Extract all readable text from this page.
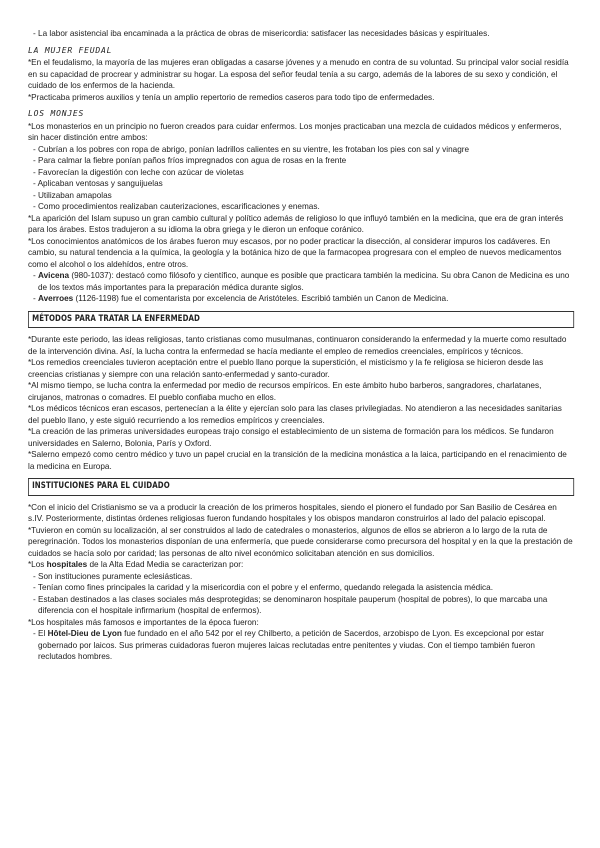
- La labor asistencial iba encaminada a la práctica de obras de misericordia: satisfacer las necesidades básicas y espirituales.

LA MUJER FEUDAL

*En el feudalismo, la mayoría de las mujeres eran obligadas a casarse jóvenes y a menudo en contra de su voluntad. Su principal valor social residía en su capacidad de procrear y administrar su hogar. La esposa del señor feudal tenía a su cargo, además de la labores de su sexo y condición, el cuidado de los enfermos de la hacienda.

*Practicaba primeros auxilios y tenía un amplio repertorio de remedios caseros para todo tipo de enfermedades.

LOS MONJES

*Los monasterios en un principio no fueron creados para cuidar enfermos. Los monjes practicaban una mezcla de cuidados médicos y enfermeros, sin hacer distinción entre ambos:

- Cubrían a los pobres con ropa de abrigo, ponían ladrillos calientes en su vientre, les frotaban los pies con sal y vinagre

- Para calmar la fiebre ponían paños fríos impregnados con agua de rosas en la frente

- Favorecían la digestión con leche con azúcar de violetas

- Aplicaban ventosas y sanguijuelas

- Utilizaban amapolas

- Como procedimientos realizaban cauterizaciones, escarificaciones y enemas.

*La aparición del Islam supuso un gran cambio cultural y político además de religioso lo que influyó también en la medicina, que era de gran interés para los árabes. Estos tradujeron a su idioma la obra griega y le dieron un enfoque coránico.

*Los conocimientos anatómicos de los árabes fueron muy escasos, por no poder practicar la disección, al considerar impuros los cadáveres. En cambio, su natural tendencia a la química, la geología y la botánica hizo de que la farmacopea progresara con el empleo de nuevos medicamentos como el alcohol o los aldehídos, entre otros.

- Avicena (980-1037): destacó como filósofo y científico, aunque es posible que practicara también la medicina. Su obra Canon de Medicina es uno de los textos más importantes para la preparación médica durante siglos.

- Averroes (1126-1198) fue el comentarista por excelencia de Aristóteles. Escribió también un Canon de Medicina.

MÉTODOS PARA TRATAR LA ENFERMEDAD

*Durante este periodo, las ideas religiosas, tanto cristianas como musulmanas, continuaron considerando la enfermedad y la muerte como resultado de la intervención divina. Así, la lucha contra la enfermedad se hacía mediante el empleo de remedios creenciales, empíricos y técnicos.

*Los remedios creenciales tuvieron aceptación entre el pueblo llano porque la superstición, el misticismo y la fe religiosa se hicieron desde las creencias cristianas y siempre con una relación santo-enfermedad y santo-curador.

*Al mismo tiempo, se lucha contra la enfermedad por medio de recursos empíricos. En este ámbito hubo barberos, sangradores, charlatanes, cirujanos, matronas o comadres. El pueblo confiaba mucho en ellos.

*Los médicos técnicos eran escasos, pertenecían a la élite y ejercían solo para las clases privilegiadas. No atendieron a las necesidades sanitarias del pueblo llano, y este siguió recurriendo a los remedios empíricos y creenciales.

*La creación de las primeras universidades europeas trajo consigo el establecimiento de un sistema de formación para los médicos. Se fundaron universidades en Salerno, Bolonia, París y Oxford.

*Salerno empezó como centro médico y tuvo un papel crucial en la transición de la medicina monástica a la laica, participando en el renacimiento de la medicina en Europa.

INSTITUCIONES PARA EL CUIDADO

*Con el inicio del Cristianismo se va a producir la creación de los primeros hospitales, siendo el pionero el fundado por San Basilio de Cesárea en s.IV. Posteriormente, distintas órdenes religiosas fueron fundando hospitales y los obispos mandaron construirlos al lado del palacio episcopal.

*Tuvieron en común su localización, al ser construidos al lado de catedrales o monasterios, algunos de ellos se abrieron a lo largo de la ruta de peregrinación. Todos los monasterios disponían de una enfermería, que puede considerarse como precursora del hospital y en la que la prestación de cuidados se hacía solo por caridad; las personas de alto nivel económico solicitaban atención en sus domicilios.

*Los hospitales de la Alta Edad Media se caracterizan por:

- Son instituciones puramente eclesiásticas.

- Tenían como fines principales la caridad y la misericordia con el pobre y el enfermo, quedando relegada la asistencia médica.

- Estaban destinados a las clases sociales más desprotegidas; se denominaron hospitale pauperum (hospital de pobres), lo que marcaba una diferencia con el hospitale infirmarium (hospital de enfermos).

*Los hospitales más famosos e importantes de la época fueron:

- El Hôtel-Dieu de Lyon fue fundado en el año 542 por el rey Chilberto, a petición de Sacerdos, arzobispo de Lyon. Es excepcional por estar gobernado por laicos. Sus primeras cuidadoras fueron mujeres laicas reclutadas entre penitentes y viudas. Con el tiempo también fueron reclutados hombres.
